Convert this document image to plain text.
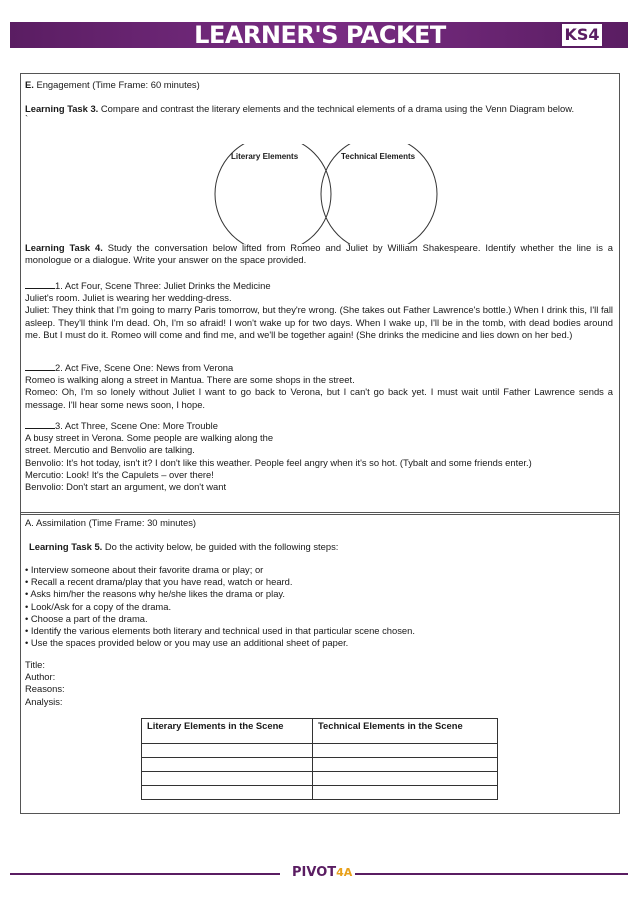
LEARNER'S PACKET (LeaP)
KS4
E. Engagement (Time Frame: 60 minutes)

Learning Task 3. Compare and contrast the literary elements and the technical elements of a drama using the Venn Diagram below.

`

Literary Elements	Technical Elements
Learning Task 4. Study the conversation below lifted from Romeo and Juliet by William Shakespeare. Identify whether the line is a monologue or a dialogue. Write your answer on the space provided.

1. Act Four, Scene Three: Juliet Drinks the Medicine

Juliet's room. Juliet is wearing her wedding-dress.

Juliet: They think that I'm going to marry Paris tomorrow, but they're wrong. (She takes out Father Lawrence's bottle.) When I drink this, I'll fall asleep. They'll think I'm dead. Oh, I'm so afraid! I won't wake up for two days. When I wake up, I'll be in the tomb, with dead bodies around me. But I must do it. Romeo will come and find me, and we'll be together again! (She drinks the medicine and lies down on her bed.)

2. Act Five, Scene One: News from Verona

Romeo is walking along a street in Mantua. There are some shops in the street.

Romeo: Oh, I'm so lonely without Juliet I want to go back to Verona, but I can't go back yet. I must wait until Father Lawrence sends a message. I'll hear some news soon, I hope.

3. Act Three, Scene One: More Trouble

A busy street in Verona. Some people are walking along the

street. Mercutio and Benvolio are talking.

Benvolio: It's hot today, isn't it? I don't like this weather. People feel angry when it's so hot. (Tybalt and some friends enter.)

Mercutio: Look! It's the Capulets – over there!

Benvolio: Don't start an argument, we don't want

A. Assimilation (Time Frame: 30 minutes)
Learning Task 5. Do the activity below, be guided with the following steps:
• Interview someone about their favorite drama or play; or
• Recall a recent drama/play that you have read, watch or heard.
• Asks him/her the reasons why he/she likes the drama or play.
• Look/Ask for a copy of the drama.
• Choose a part of the drama.
• Identify the various elements both literary and technical used in that particular scene chosen.
• Use the spaces provided below or you may use an additional sheet of paper.
Title:
Author:
Reasons:
Analysis:
Literary Elements in the Scene	Technical Elements in the Scene

PIVOT4A
